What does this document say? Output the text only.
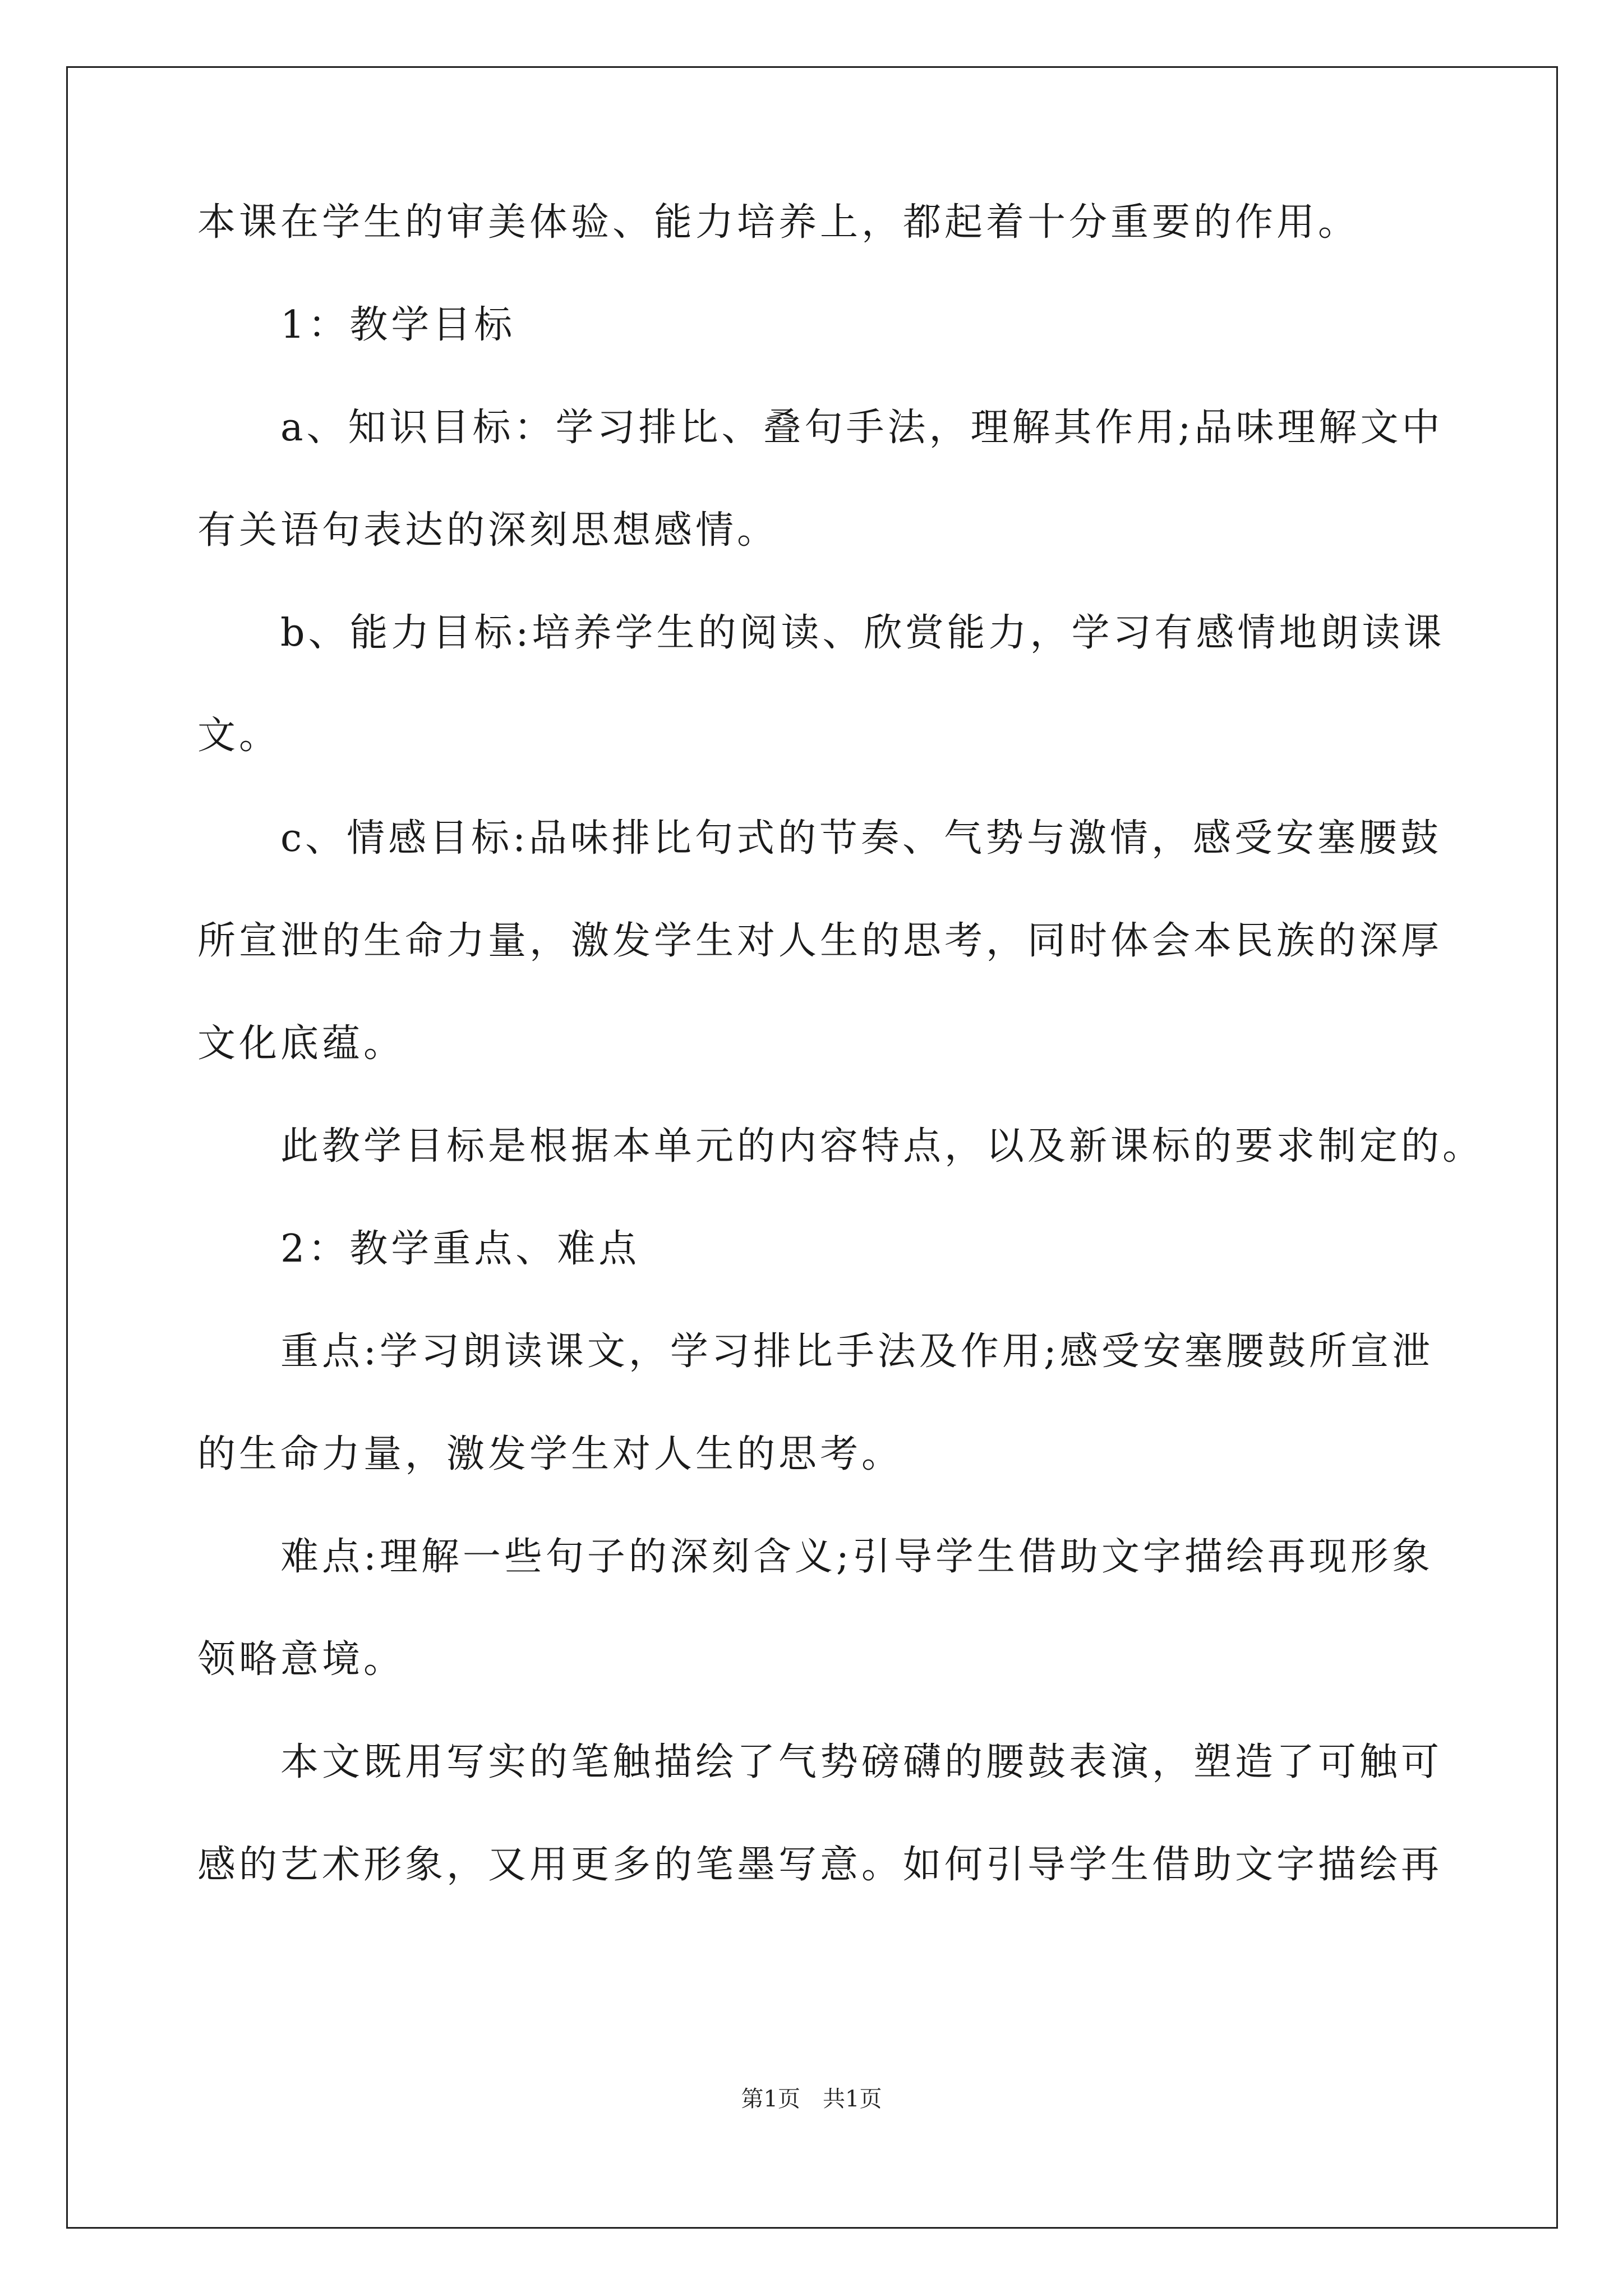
本课在学生的审美体验、能力培养上，都起着十分重要的作用。
1：教学目标
a、知识目标：学习排比、叠句手法，理解其作用;品味理解文中
有关语句表达的深刻思想感情。
b、能力目标:培养学生的阅读、欣赏能力，学习有感情地朗读课
文。
c、情感目标:品味排比句式的节奏、气势与激情，感受安塞腰鼓
所宣泄的生命力量，激发学生对人生的思考，同时体会本民族的深厚
文化底蕴。
此教学目标是根据本单元的内容特点，以及新课标的要求制定的。
2：教学重点、难点
重点:学习朗读课文，学习排比手法及作用;感受安塞腰鼓所宣泄
的生命力量，激发学生对人生的思考。
难点:理解一些句子的深刻含义;引导学生借助文字描绘再现形象
领略意境。
本文既用写实的笔触描绘了气势磅礴的腰鼓表演，塑造了可触可
感的艺术形象，又用更多的笔墨写意。如何引导学生借助文字描绘再
第1页　共1页
